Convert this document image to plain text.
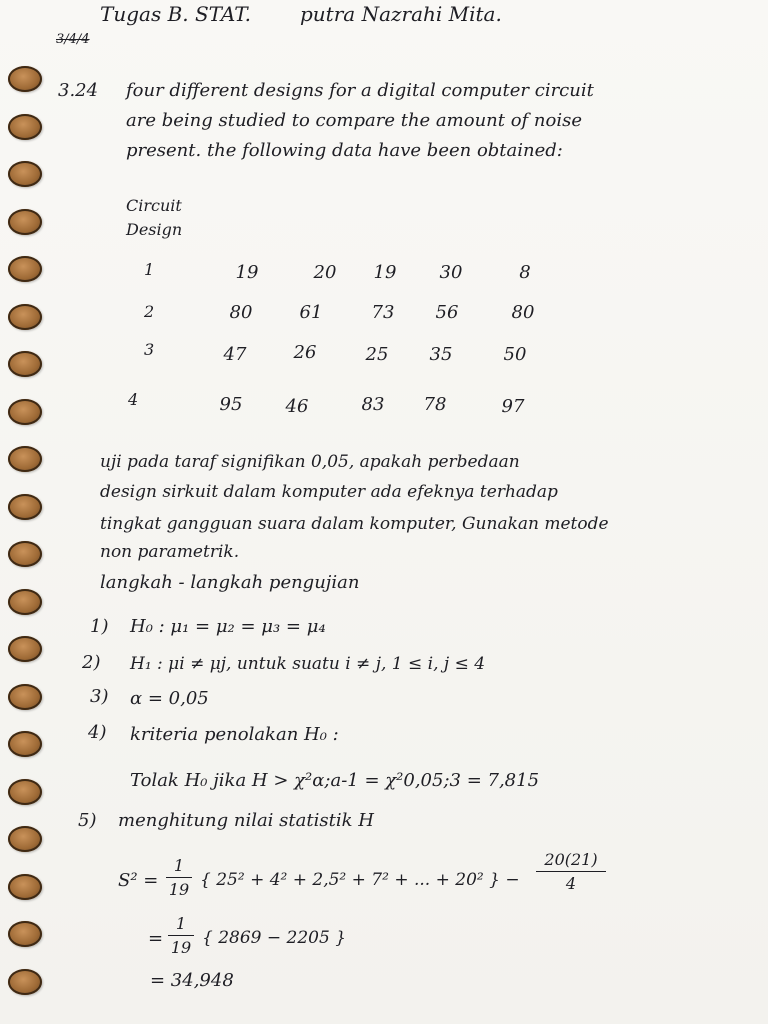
Tugas B. STAT. putra Nazrahi Mita.
3/4/4
3.24 four different designs for a digital computer circuit
are being studied to compare the amount of noise
present. the following data have been obtained:
Circuit
Design
1	19	20	19	30	8
2	80	61	73	56	80
3	47	26	25	35	50
4	95	46	83	78	97
uji pada taraf signifikan 0,05, apakah perbedaan
design sirkuit dalam komputer ada efeknya terhadap
tingkat gangguan suara dalam komputer, Gunakan metode
non parametrik.
langkah - langkah pengujian
1) H₀ : μ₁ = μ₂ = μ₃ = μ₄
2) H₁ : μi ≠ μj, untuk suatu i ≠ j, 1 ≤ i, j ≤ 4
3) α = 0,05
4) kriteria penolakan H₀ :
Tolak H₀ jika H > χ²α;a-1 = χ²0,05;3 = 7,815
5) menghitung nilai statistik H
S² =
1
19 { 25² + 4² + 2,5² + 7² + ... + 20² } −
20(21)
4
=
1
19 { 2869 − 2205 }
= 34,948
